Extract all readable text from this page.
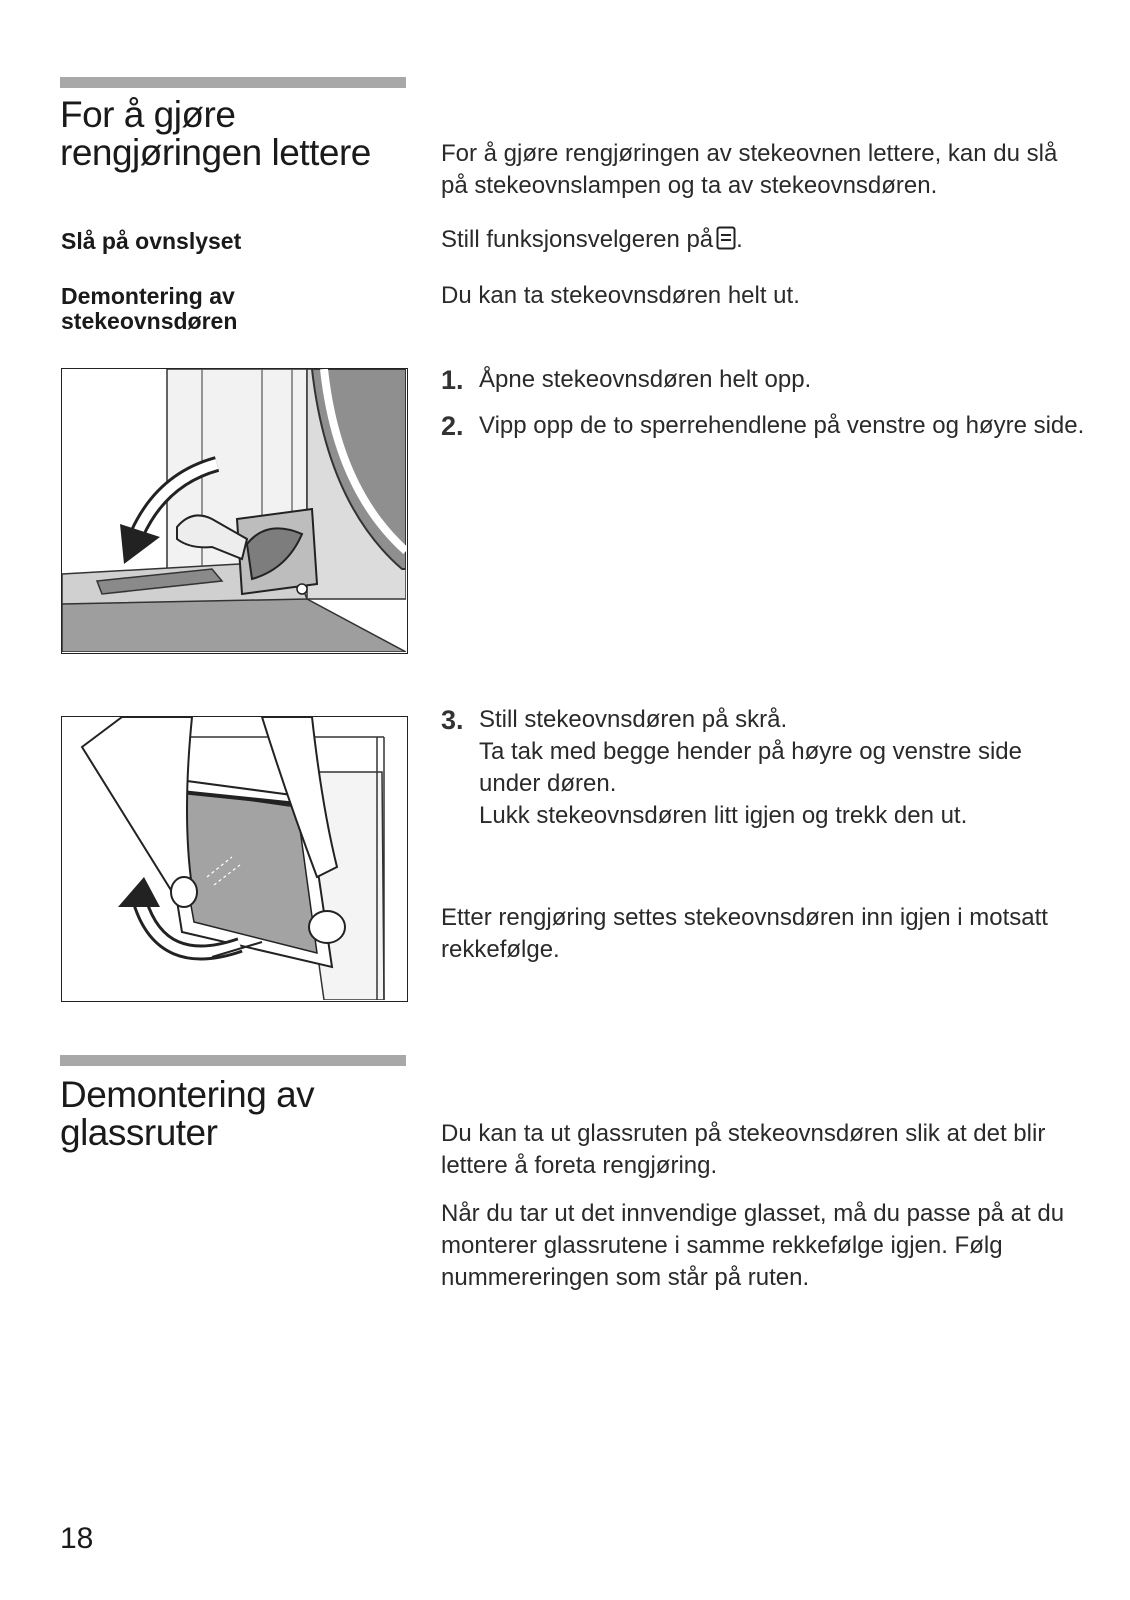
For å gjøre
rengjøringen lettere	For å gjøre rengjøringen av stekeovnen lettere, kan du slå på stekeovnslampen og ta av stekeovnsdøren.
Slå på ovnslyset	Still funksjonsvelgeren på .
Demontering av
stekeovnsdøren
Du kan ta stekeovnsdøren helt ut.
1. Åpne stekeovnsdøren helt opp.
2. Vipp opp de to sperrehendlene på venstre og høyre side.
3. Still stekeovnsdøren på skrå.
Ta tak med begge hender på høyre og venstre side under døren.
Lukk stekeovnsdøren litt igjen og trekk den ut.
Etter rengjøring settes stekeovnsdøren inn igjen i motsatt rekkefølge.
Demontering av
glassruter	Du kan ta ut glassruten på stekeovnsdøren slik at det blir lettere å foreta rengjøring.
Når du tar ut det innvendige glasset, må du passe på at du monterer glassrutene i samme rekkefølge igjen. Følg nummereringen som står på ruten.
18
